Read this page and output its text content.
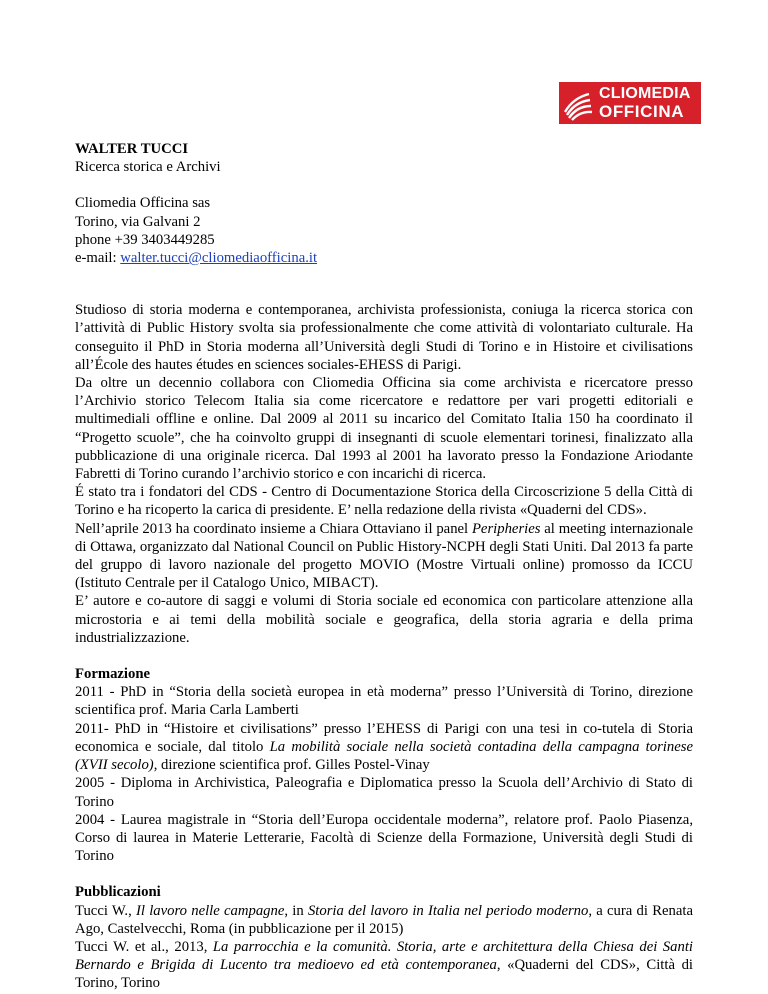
CLIOMEDIA
OFFICINA

WALTER TUCCI

Ricerca storica e Archivi

Cliomedia Officina sas

Torino, via Galvani 2

phone +39 3403449285

e-mail: walter.tucci@cliomediaofficina.it

Studioso di storia moderna e contemporanea, archivista professionista, coniuga la ricerca storica con l’attività di Public History svolta sia professionalmente che come attività di volontariato culturale. Ha conseguito il PhD in Storia moderna all’Università degli Studi di Torino e in Histoire et civilisations all’École des hautes études en sciences sociales-EHESS di Parigi.

Da oltre un decennio collabora con Cliomedia Officina sia come archivista e ricercatore presso l’Archivio storico Telecom Italia sia come ricercatore e redattore per vari progetti editoriali e multimediali offline e online. Dal 2009 al 2011 su incarico del Comitato Italia 150 ha coordinato il “Progetto scuole”, che ha coinvolto gruppi di insegnanti di scuole elementari torinesi, finalizzato alla pubblicazione di una originale ricerca. Dal 1993 al 2001 ha lavorato presso la Fondazione Ariodante Fabretti di Torino curando l’archivio storico e con incarichi di ricerca.

É stato tra i fondatori del CDS - Centro di Documentazione Storica della Circoscrizione 5 della Città di Torino e ha ricoperto la carica di presidente. E’ nella redazione della rivista «Quaderni del CDS».

Nell’aprile 2013 ha coordinato insieme a Chiara Ottaviano il panel Peripheries al meeting internazionale di Ottawa, organizzato dal National Council on Public History-NCPH degli Stati Uniti. Dal 2013 fa parte del gruppo di lavoro nazionale del progetto MOVIO (Mostre Virtuali online) promosso da ICCU (Istituto Centrale per il Catalogo Unico, MIBACT).

E’ autore e co-autore di saggi e volumi di Storia sociale ed economica con particolare attenzione alla microstoria e ai temi della mobilità sociale e geografica, della storia agraria e della prima industrializzazione.

Formazione

2011 - PhD in “Storia della società europea in età moderna” presso l’Università di Torino, direzione scientifica prof. Maria Carla Lamberti

2011- PhD in “Histoire et civilisations” presso l’EHESS di Parigi con una tesi in co-tutela di Storia economica e sociale, dal titolo La mobilità sociale nella società contadina della campagna torinese (XVII secolo), direzione scientifica prof. Gilles Postel-Vinay

2005 - Diploma in Archivistica, Paleografia e Diplomatica presso la Scuola dell’Archivio di Stato di Torino

2004 - Laurea magistrale in “Storia dell’Europa occidentale moderna”, relatore prof. Paolo Piasenza, Corso di laurea in Materie Letterarie, Facoltà di Scienze della Formazione, Università degli Studi di Torino

Pubblicazioni

Tucci W., Il lavoro nelle campagne, in Storia del lavoro in Italia nel periodo moderno, a cura di Renata Ago, Castelvecchi, Roma (in pubblicazione per il 2015)

Tucci W. et al., 2013, La parrocchia e la comunità. Storia, arte e architettura della Chiesa dei Santi Bernardo e Brigida di Lucento tra medioevo ed età contemporanea, «Quaderni del CDS», Città di Torino, Torino
